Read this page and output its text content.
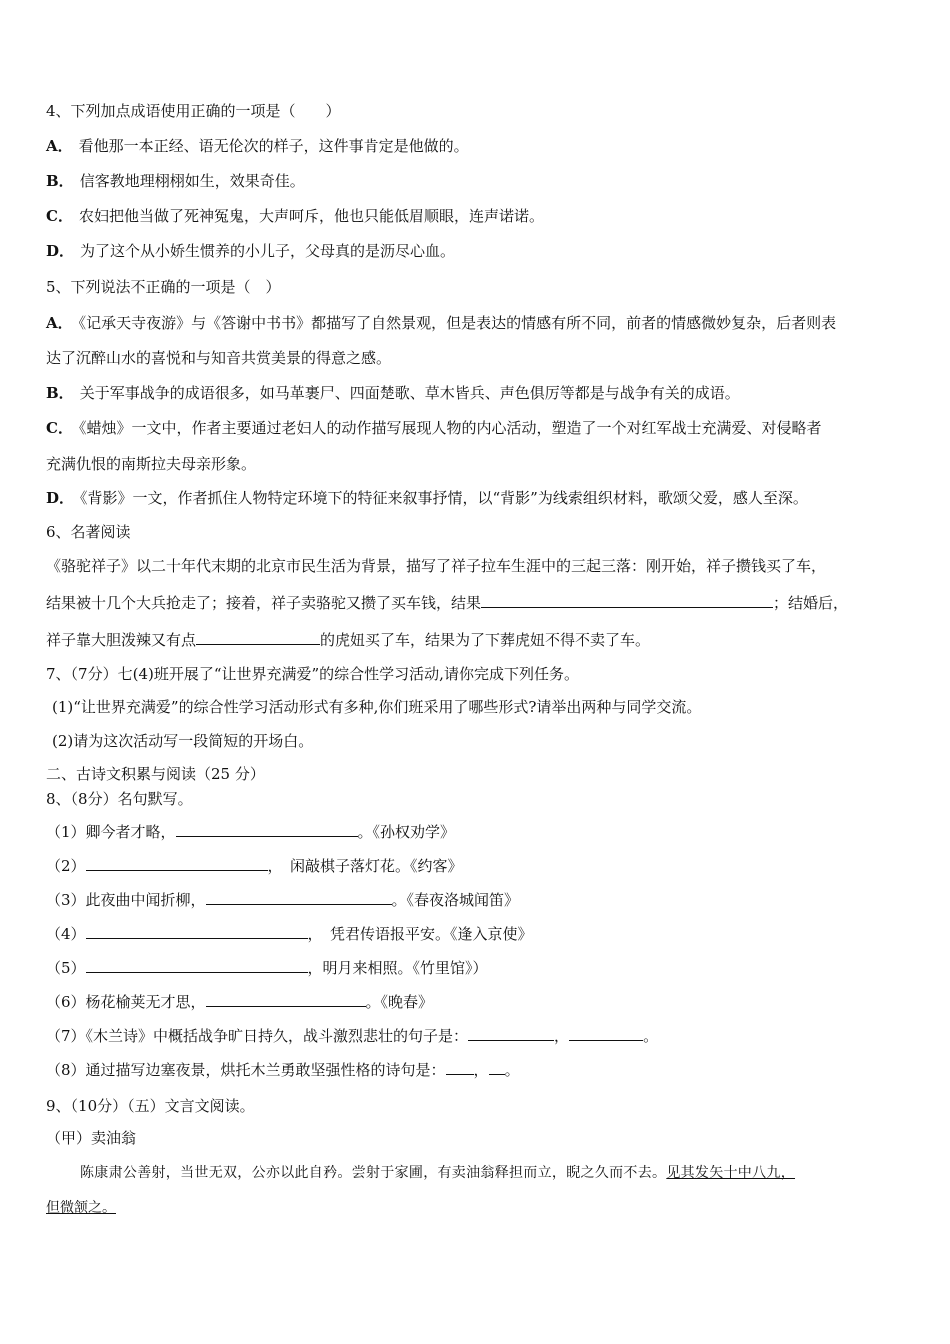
4、下列加点成语使用正确的一项是（　　）
A． 看他那一本正经、语无伦次的样子，这件事肯定是他做的。
B． 信客教地理栩栩如生，效果奇佳。
C． 农妇把他当做了死神冤鬼，大声呵斥，他也只能低眉顺眼，连声诺诺。
D． 为了这个从小娇生惯养的小儿子，父母真的是沥尽心血。
5、下列说法不正确的一项是（　）
A． 《记承天寺夜游》与《答谢中书书》都描写了自然景观，但是表达的情感有所不同，前者的情感微妙复杂，后者则表
达了沉醉山水的喜悦和与知音共赏美景的得意之感。
B． 关于军事战争的成语很多，如马革裹尸、四面楚歌、草木皆兵、声色俱厉等都是与战争有关的成语。
C． 《蜡烛》一文中，作者主要通过老妇人的动作描写展现人物的内心活动，塑造了一个对红军战士充满爱、对侵略者
充满仇恨的南斯拉夫母亲形象。
D． 《背影》一文，作者抓住人物特定环境下的特征来叙事抒情，以“背影”为线索组织材料，歌颂父爱，感人至深。
6、名著阅读
《骆驼祥子》以二十年代末期的北京市民生活为背景，描写了祥子拉车生涯中的三起三落：刚开始，祥子攒钱买了车，
结果被十几个大兵抢走了；接着，祥子卖骆驼又攒了买车钱，结果	；结婚后，
祥子靠大胆泼辣又有点	的虎妞买了车，结果为了下葬虎妞不得不卖了车。
7、（7分）七(4)班开展了“让世界充满爱”的综合性学习活动,请你完成下列任务。
(1)“让世界充满爱”的综合性学习活动形式有多种,你们班采用了哪些形式?请举出两种与同学交流。
(2)请为这次活动写一段简短的开场白。
二、古诗文积累与阅读（25 分）
8、（8分）名句默写。
（1）卿今者才略，	。《孙权劝学》
（2）	，　闲敲棋子落灯花。《约客》
（3）此夜曲中闻折柳，	。《春夜洛城闻笛》
（4）	，　凭君传语报平安。《逢入京使》
（5）	，明月来相照。《竹里馆》）
（6）杨花榆荚无才思，	。《晚春》
（7）《木兰诗》中概括战争旷日持久，战斗激烈悲壮的句子是：	，	。
（8）通过描写边塞夜景，烘托木兰勇敢坚强性格的诗句是： ， 。
9、（10分）（五）文言文阅读。
（甲）卖油翁
陈康肃公善射，当世无双，公亦以此自矜。尝射于家圃，有卖油翁释担而立，睨之久而不去。见其发矢十中八九，
但微颔之。
